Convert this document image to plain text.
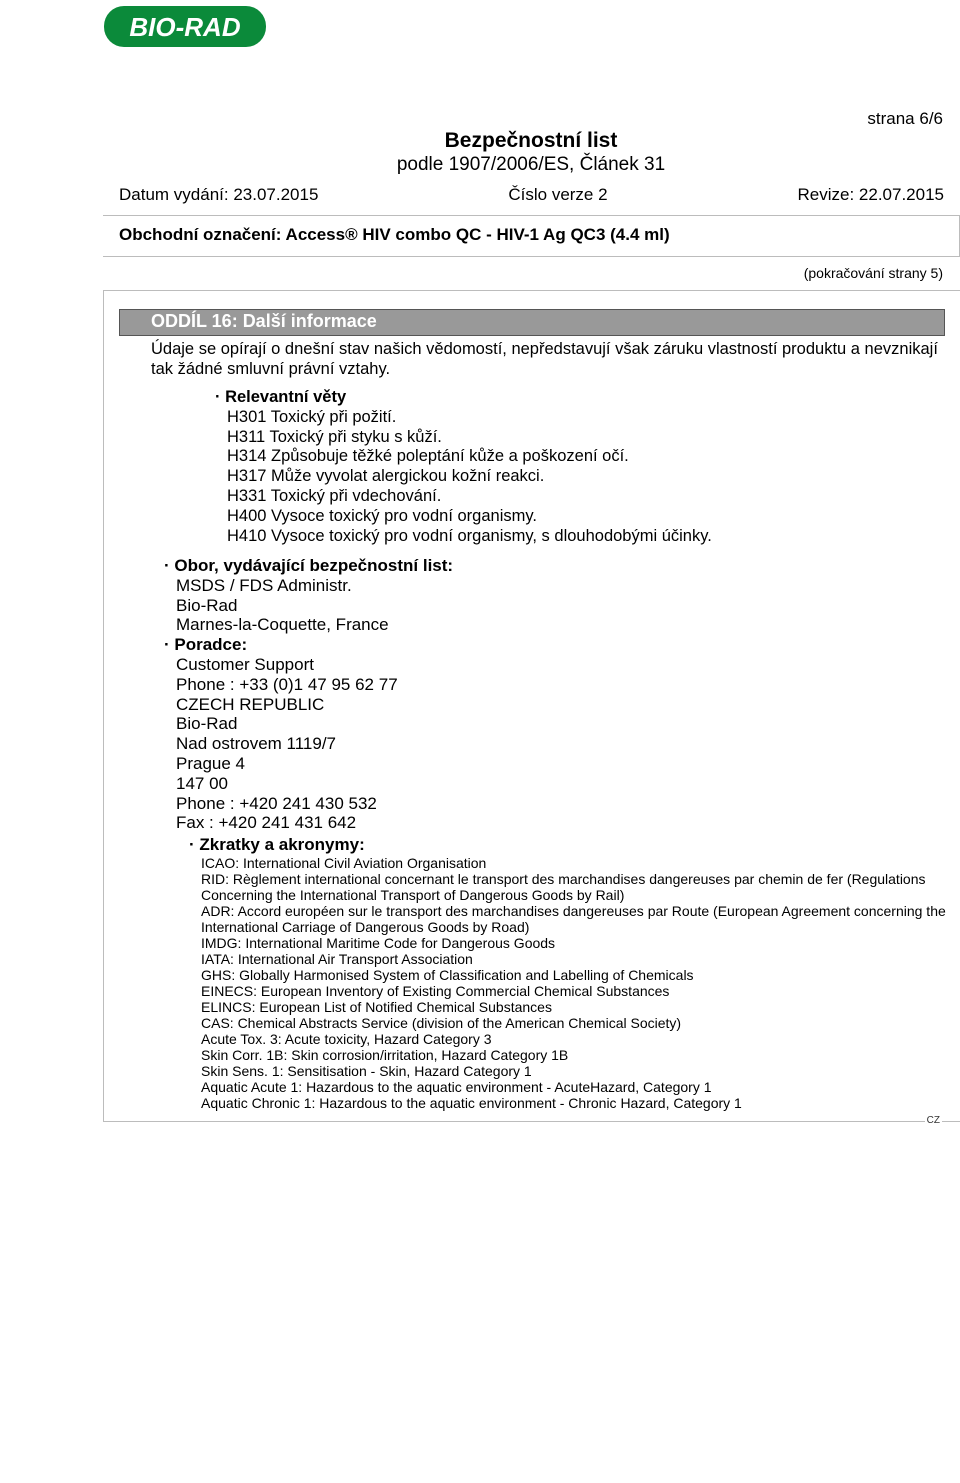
BIO-RAD
strana 6/6
Bezpečnostní list
podle 1907/2006/ES, Článek 31
Datum vydání: 23.07.2015	Číslo verze 2	Revize: 22.07.2015
Obchodní označení: Access® HIV combo QC - HIV-1 Ag QC3 (4.4 ml)
(pokračování strany 5)
ODDÍL 16: Další informace
Údaje se opírají o dnešní stav našich vědomostí, nepředstavují však záruku vlastností produktu a nevznikají tak žádné smluvní právní vztahy.
· Relevantní věty
H301 Toxický při požití.
H311 Toxický při styku s kůží.
H314 Způsobuje těžké poleptání kůže a poškození očí.
H317 Může vyvolat alergickou kožní reakci.
H331 Toxický při vdechování.
H400 Vysoce toxický pro vodní organismy.
H410 Vysoce toxický pro vodní organismy, s dlouhodobými účinky.
· Obor, vydávající bezpečnostní list:
MSDS / FDS Administr.
Bio-Rad
Marnes-la-Coquette, France
· Poradce:
Customer Support
Phone : +33 (0)1 47 95 62 77
CZECH REPUBLIC
Bio-Rad
Nad ostrovem 1119/7
Prague 4
147 00
Phone : +420 241 430 532
Fax : +420 241 431 642
· Zkratky a akronymy:
ICAO: International Civil Aviation Organisation
RID: Règlement international concernant le transport des marchandises dangereuses par chemin de fer (Regulations Concerning the International Transport of Dangerous Goods by Rail)
ADR: Accord européen sur le transport des marchandises dangereuses par Route (European Agreement concerning the International Carriage of Dangerous Goods by Road)
IMDG: International Maritime Code for Dangerous Goods
IATA: International Air Transport Association
GHS: Globally Harmonised System of Classification and Labelling of Chemicals
EINECS: European Inventory of Existing Commercial Chemical Substances
ELINCS: European List of Notified Chemical Substances
CAS: Chemical Abstracts Service (division of the American Chemical Society)
Acute Tox. 3: Acute toxicity, Hazard Category 3
Skin Corr. 1B: Skin corrosion/irritation, Hazard Category 1B
Skin Sens. 1: Sensitisation - Skin, Hazard Category 1
Aquatic Acute 1: Hazardous to the aquatic environment - AcuteHazard, Category 1
Aquatic Chronic 1: Hazardous to the aquatic environment - Chronic Hazard, Category 1
CZ
